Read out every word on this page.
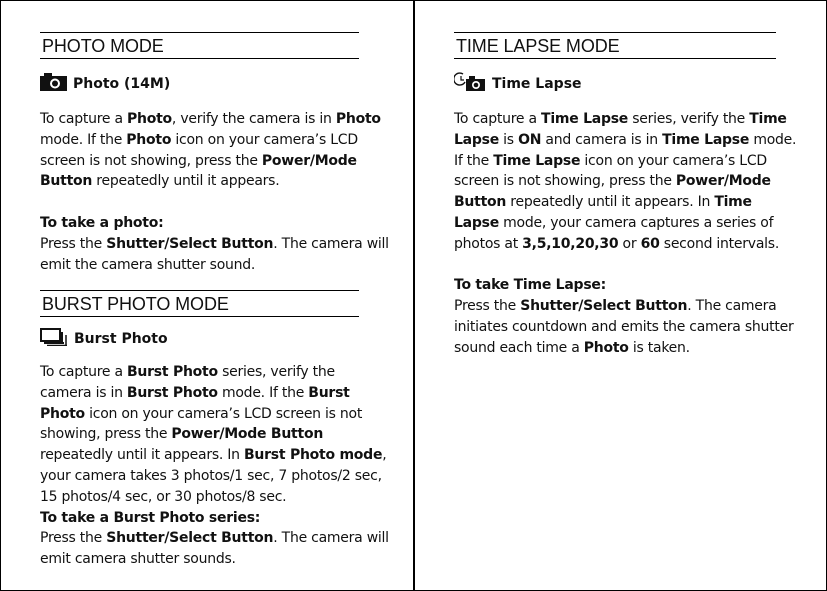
PHOTO MODE
Photo (14M)

To capture a Photo, verify the camera is in Photo mode. If the Photo icon on your camera’s LCD screen is not showing, press the Power/Mode Button repeatedly until it appears.

To take a photo:

Press the Shutter/Select Button. The camera will emit the camera shutter sound.

BURST PHOTO MODE
Burst Photo

To capture a Burst Photo series, verify the camera is in Burst Photo mode. If the Burst Photo icon on your camera’s LCD screen is not showing, press the Power/Mode Button repeatedly until it appears. In Burst Photo mode, your camera takes 3 photos/1 sec, 7 photos/2 sec, 15 photos/4 sec, or 30 photos/8 sec.

To take a Burst Photo series:

Press the Shutter/Select Button. The camera will emit camera shutter sounds.

TIME LAPSE MODE
Time Lapse

To capture a Time Lapse series, verify the Time Lapse is ON and camera is in Time Lapse mode. If the Time Lapse icon on your camera’s LCD screen is not showing, press the Power/Mode Button repeatedly until it appears. In Time Lapse mode, your camera captures a series of photos at 3,5,10,20,30 or 60 second intervals.

To take Time Lapse:

Press the Shutter/Select Button. The camera initiates countdown and emits the camera shutter sound each time a Photo is taken.
